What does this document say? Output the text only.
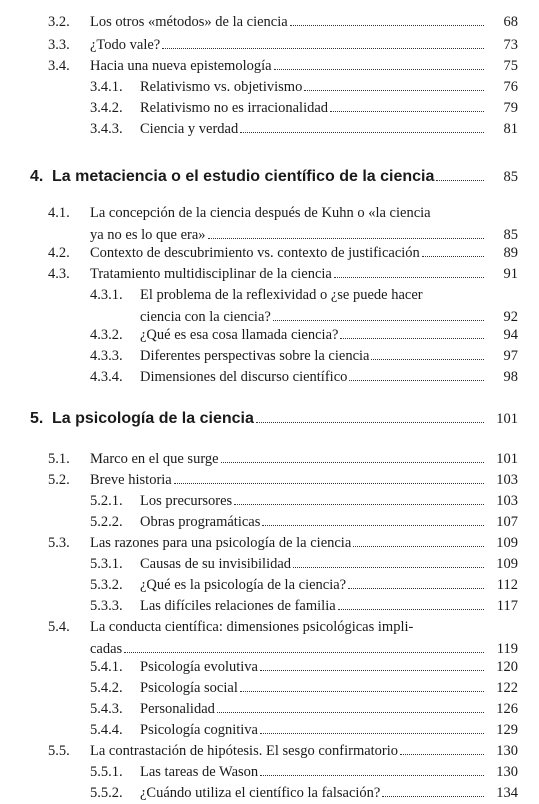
3.2. Los otros «métodos» de la ciencia	68
3.3. ¿Todo vale?	73
3.4. Hacia una nueva epistemología	75
3.4.1. Relativismo vs. objetivismo	76
3.4.2. Relativismo no es irracionalidad	79
3.4.3. Ciencia y verdad	81
4. La metaciencia o el estudio científico de la ciencia	85
4.1. La concepción de la ciencia después de Kuhn o «la ciencia
ya no es lo que era»	85
4.2. Contexto de descubrimiento vs. contexto de justificación	89
4.3. Tratamiento multidisciplinar de la ciencia	91
4.3.1. El problema de la reflexividad o ¿se puede hacer
ciencia con la ciencia?	92
4.3.2. ¿Qué es esa cosa llamada ciencia?	94
4.3.3. Diferentes perspectivas sobre la ciencia	97
4.3.4. Dimensiones del discurso científico	98
5. La psicología de la ciencia	101
5.1. Marco en el que surge	101
5.2. Breve historia	103
5.2.1. Los precursores	103
5.2.2. Obras programáticas	107
5.3. Las razones para una psicología de la ciencia	109
5.3.1. Causas de su invisibilidad	109
5.3.2. ¿Qué es la psicología de la ciencia?	112
5.3.3. Las difíciles relaciones de familia	117
5.4. La conducta científica: dimensiones psicológicas impli-
cadas	119
5.4.1. Psicología evolutiva	120
5.4.2. Psicología social	122
5.4.3. Personalidad	126
5.4.4. Psicología cognitiva	129
5.5. La contrastación de hipótesis. El sesgo confirmatorio	130
5.5.1. Las tareas de Wason	130
5.5.2. ¿Cuándo utiliza el científico la falsación?	134
